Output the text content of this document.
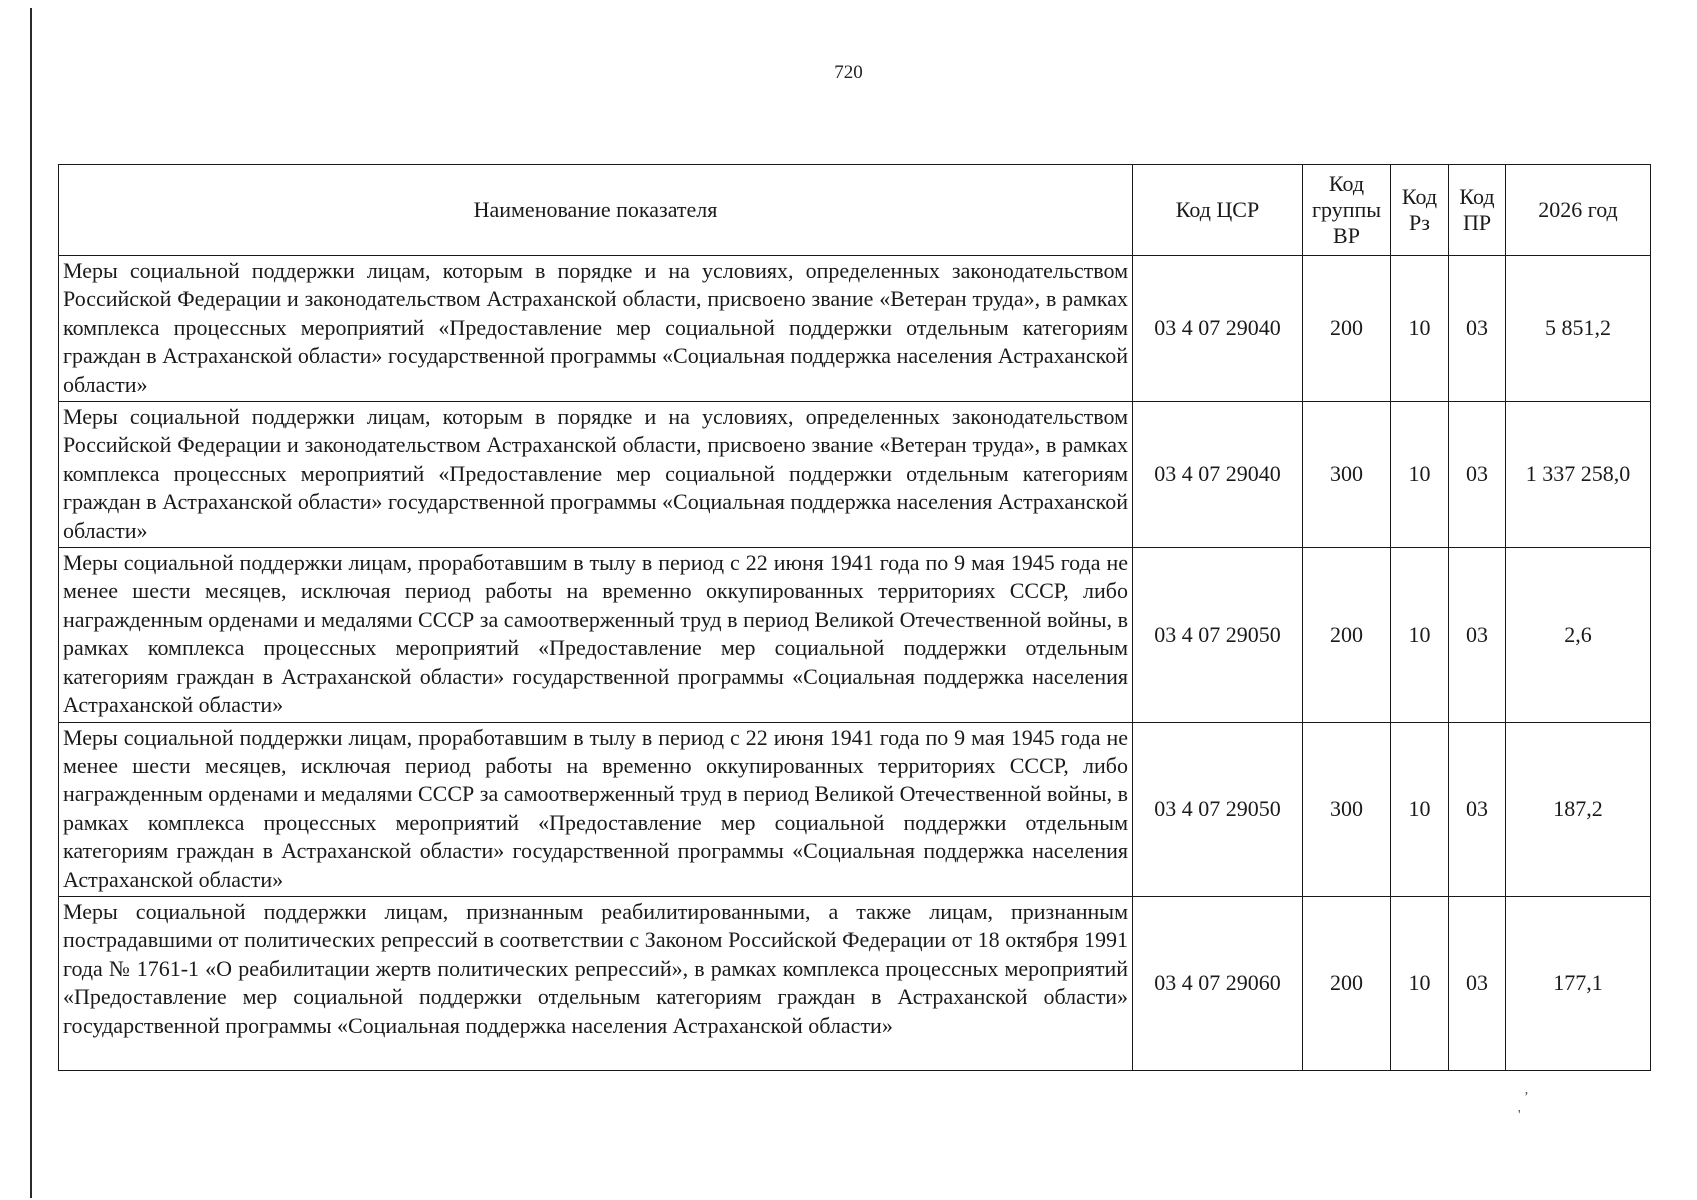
720
Наименование показателя	Код ЦСР	Код группы ВР	Код Рз	Код ПР	2026 год
Меры социальной поддержки лицам, которым в порядке и на условиях, определенных законодательством Российской Федерации и законодательством Астраханской области, присвоено звание «Ветеран труда», в рамках комплекса процессных мероприятий «Предоставление мер социальной поддержки отдельным категориям граждан в Астраханской области» государственной программы «Социальная поддержка населения Астраханской области»	03 4 07 29040	200	10	03	5 851,2
Меры социальной поддержки лицам, которым в порядке и на условиях, определенных законодательством Российской Федерации и законодательством Астраханской области, присвоено звание «Ветеран труда», в рамках комплекса процессных мероприятий «Предоставление мер социальной поддержки отдельным категориям граждан в Астраханской области» государственной программы «Социальная поддержка населения Астраханской области»	03 4 07 29040	300	10	03	1 337 258,0
Меры социальной поддержки лицам, проработавшим в тылу в период с 22 июня 1941 года по 9 мая 1945 года не менее шести месяцев, исключая период работы на временно оккупированных территориях СССР, либо награжденным орденами и медалями СССР за самоотверженный труд в период Великой Отечественной войны, в рамках комплекса процессных мероприятий «Предоставление мер социальной поддержки отдельным категориям граждан в Астраханской области» государственной программы «Социальная поддержка населения Астраханской области»	03 4 07 29050	200	10	03	2,6
Меры социальной поддержки лицам, проработавшим в тылу в период с 22 июня 1941 года по 9 мая 1945 года не менее шести месяцев, исключая период работы на временно оккупированных территориях СССР, либо награжденным орденами и медалями СССР за самоотверженный труд в период Великой Отечественной войны, в рамках комплекса процессных мероприятий «Предоставление мер социальной поддержки отдельным категориям граждан в Астраханской области» государственной программы «Социальная поддержка населения Астраханской области»	03 4 07 29050	300	10	03	187,2
Меры социальной поддержки лицам, признанным реабилитированными, а также лицам, признанным пострадавшими от политических репрессий в соответствии с Законом Российской Федерации от 18 октября 1991 года № 1761-1 «О реабилитации жертв политических репрессий», в рамках комплекса процессных мероприятий «Предоставление мер социальной поддержки отдельным категориям граждан в Астраханской области» государственной программы «Социальная поддержка населения Астраханской области»	03 4 07 29060	200	10	03	177,1
ʼ
'
